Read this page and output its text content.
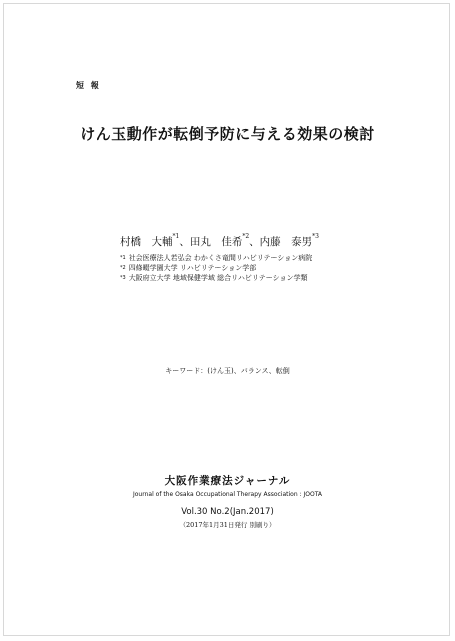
短 報
けん玉動作が転倒予防に与える効果の検討
村橋　大輔$^{*1}$、田丸　佳希$^{*2}$、内藤　泰男$^{*3}$
$^{*1}$ 社会医療法人若弘会 わかくさ竜間リハビリテーション病院
$^{*2}$ 四條畷学園大学 リハビリテーション学部
$^{*3}$ 大阪府立大学 地域保健学域 総合リハビリテーション学類
キーワード：(けん玉)、バランス、転倒
大阪作業療法ジャーナル
Journal of the Osaka Occupational Therapy Association : JOOTA
Vol.30 No.2(Jan.2017)
（2017年1月31日発行 別刷り）
